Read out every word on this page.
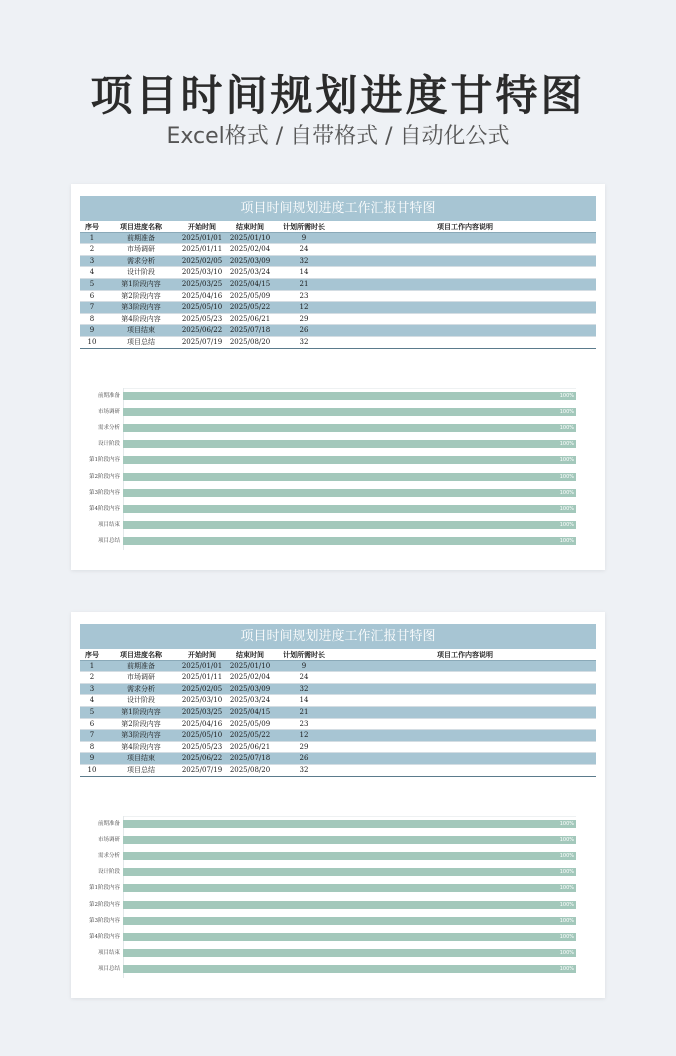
项目时间规划进度甘特图
Excel格式 / 自带格式 / 自动化公式
项目时间规划进度工作汇报甘特图
序号	项目进度名称	开始时间	结束时间	计划所需时长	项目工作内容说明
1	前期准备	2025/01/01	2025/01/10	9
2	市场调研	2025/01/11	2025/02/04	24
3	需求分析	2025/02/05	2025/03/09	32
4	设计阶段	2025/03/10	2025/03/24	14
5	第1阶段内容	2025/03/25	2025/04/15	21
6	第2阶段内容	2025/04/16	2025/05/09	23
7	第3阶段内容	2025/05/10	2025/05/22	12
8	第4阶段内容	2025/05/23	2025/06/21	29
9	项目结束	2025/06/22	2025/07/18	26
10	项目总结	2025/07/19	2025/08/20	32
前期准备	100%
市场调研	100%
需求分析	100%
设计阶段	100%
第1阶段内容	100%
第2阶段内容	100%
第3阶段内容	100%
第4阶段内容	100%
项目结束	100%
项目总结	100%
项目时间规划进度工作汇报甘特图
序号	项目进度名称	开始时间	结束时间	计划所需时长	项目工作内容说明
1	前期准备	2025/01/01	2025/01/10	9
2	市场调研	2025/01/11	2025/02/04	24
3	需求分析	2025/02/05	2025/03/09	32
4	设计阶段	2025/03/10	2025/03/24	14
5	第1阶段内容	2025/03/25	2025/04/15	21
6	第2阶段内容	2025/04/16	2025/05/09	23
7	第3阶段内容	2025/05/10	2025/05/22	12
8	第4阶段内容	2025/05/23	2025/06/21	29
9	项目结束	2025/06/22	2025/07/18	26
10	项目总结	2025/07/19	2025/08/20	32
前期准备	100%
市场调研	100%
需求分析	100%
设计阶段	100%
第1阶段内容	100%
第2阶段内容	100%
第3阶段内容	100%
第4阶段内容	100%
项目结束	100%
项目总结	100%
